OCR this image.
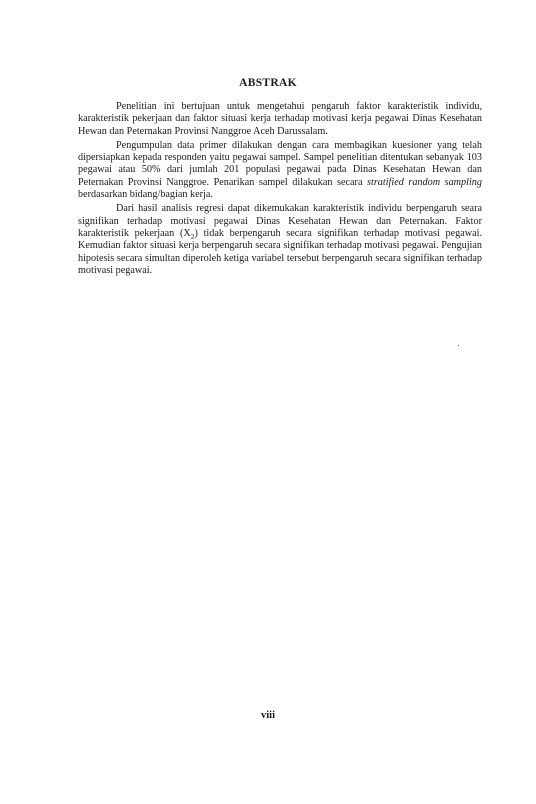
ABSTRAK

Penelitian ini bertujuan untuk mengetahui pengaruh faktor karakteristik individu, karakteristik pekerjaan dan faktor situasi kerja terhadap motivasi kerja pegawai Dinas Kesehatan Hewan dan Peternakan Provinsi Nanggroe Aceh Darussalam.

Pengumpulan data primer dilakukan dengan cara membagikan kuesioner yang telah dipersiapkan kepada responden yaitu pegawai sampel. Sampel penelitian ditentukan sebanyak 103 pegawai atau 50% dari jumlah 201 populasi pegawai pada Dinas Kesehatan Hewan dan Peternakan Provinsi Nanggroe. Penarikan sampel dilakukan secara stratified random sampling berdasarkan bidang/bagian kerja.

Dari hasil analisis regresi dapat dikemukakan karakteristik individu berpengaruh seara signifikan terhadap motivasi pegawai Dinas Kesehatan Hewan dan Peternakan. Faktor karakteristik pekerjaan $(X_2)$ tidak berpengaruh secara signifikan terhadap motivasi pegawai. Kemudian faktor situasi kerja berpengaruh secara signifikan terhadap motivasi pegawai. Pengujian hipotesis secara simultan diperoleh ketiga variabel tersebut berpengaruh secara signifikan terhadap motivasi pegawai.

viii
